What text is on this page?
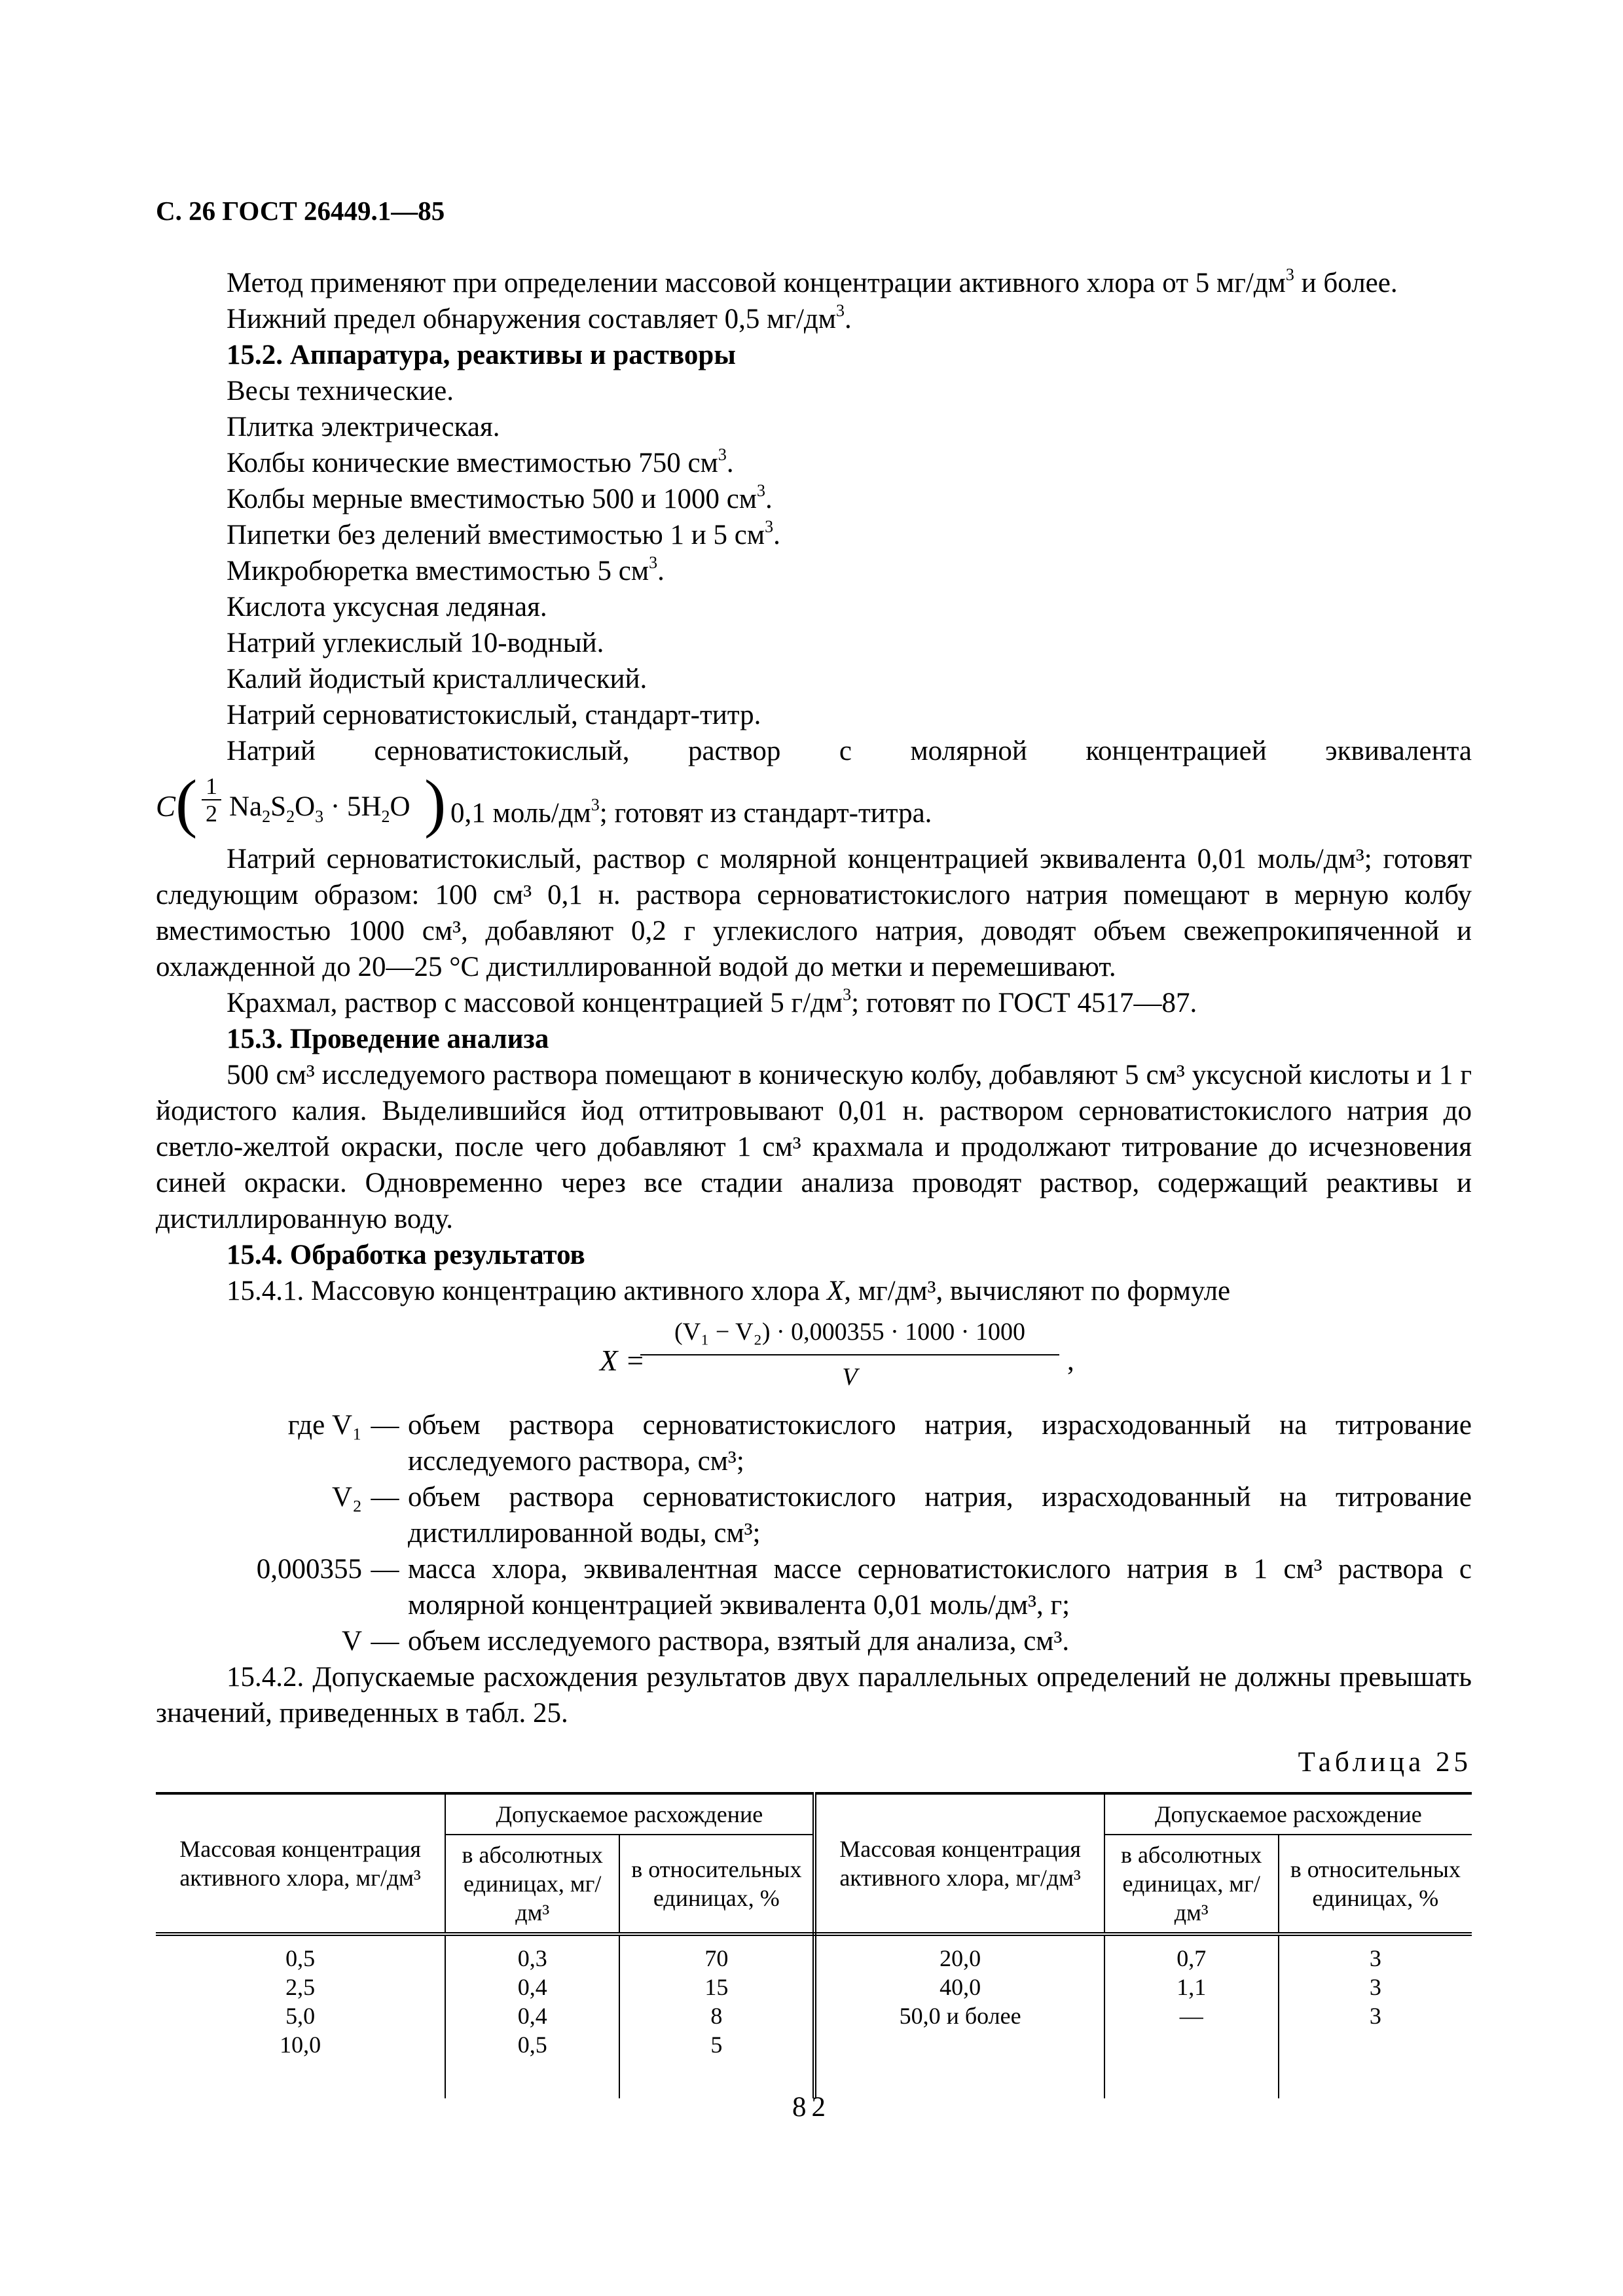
С. 26 ГОСТ 26449.1—85

Метод применяют при определении массовой концентрации активного хлора от 5 $мг/дм^3$ и более.

Нижний предел обнаружения составляет 0,5 $мг/дм^3$.

15.2. Аппаратура, реактивы и растворы

Весы технические.

Плитка электрическая.

Колбы конические вместимостью 750 $см^3$.

Колбы мерные вместимостью 500 и 1000 $см^3$.

Пипетки без делений вместимостью 1 и 5 $см^3$.

Микробюретка вместимостью 5 $см^3$.

Кислота уксусная ледяная.

Натрий углекислый 10-водный.

Калий йодистый кристаллический.

Натрий серноватистокислый, стандарт-титр.

Натрий серноватистокислый, раствор с молярной концентрацией эквивалента

C ( $\frac{1}{2} Na_2S_2O_3 \cdot 5H_2O$ ) 0,1 моль/$дм^3$; готовят из стандарт-титра.

Натрий серноватистокислый, раствор с молярной концентрацией эквивалента 0,01 моль/дм³; готовят следующим образом: 100 см³ 0,1 н. раствора серноватистокислого натрия помещают в мерную колбу вместимостью 1000 см³, добавляют 0,2 г углекислого натрия, доводят объем свежепрокипяченной и охлажденной до 20—25 °С дистиллированной водой до метки и перемешивают.

Крахмал, раствор с массовой концентрацией 5 $г/дм^3$; готовят по ГОСТ 4517—87.

15.3. Проведение анализа

500 см³ исследуемого раствора помещают в коническую колбу, добавляют 5 см³ уксусной кислоты и 1 г йодистого калия. Выделившийся йод оттитровывают 0,01 н. раствором серноватистокислого натрия до светло-желтой окраски, после чего добавляют 1 см³ крахмала и продолжают титрование до исчезновения синей окраски. Одновременно через все стадии анализа проводят раствор, содержащий реактивы и дистиллированную воду.

15.4. Обработка результатов

15.4.1. Массовую концентрацию активного хлора X, мг/дм³, вычисляют по формуле

X =
$\frac{\text{(V₁ − V₂) · 0,000355 · 1000 · 1000}}{V}$ ,
где V₁ — объем раствора серноватистокислого натрия, израсходованный на титрование исследуемого раствора, см³;
V₂ — объем раствора серноватистокислого натрия, израсходованный на титрование дистиллированной воды, см³;
0,000355 — масса хлора, эквивалентная массе серноватистокислого натрия в 1 см³ раствора с молярной концентрацией эквивалента 0,01 моль/дм³, г;
V — объем исследуемого раствора, взятый для анализа, см³.

15.4.2. Допускаемые расхождения результатов двух параллельных определений не должны превышать значений, приведенных в табл. 25.

Таблица 25
Массовая концентрация активного хлора, мг/дм³	Допускаемое расхождение		Массовая концентрация активного хлора, мг/дм³	Допускаемое расхождение	
	в абсолютных единицах, мг/дм³	в относительных единицах, %		в абсолютных единицах, мг/дм³	в относительных единицах, %
0,5	0,3	70	20,0	0,7	3
2,5	0,4	15	40,0	1,1	3
5,0	0,4	8	50,0 и более	—	3
10,0	0,5	5			
82
